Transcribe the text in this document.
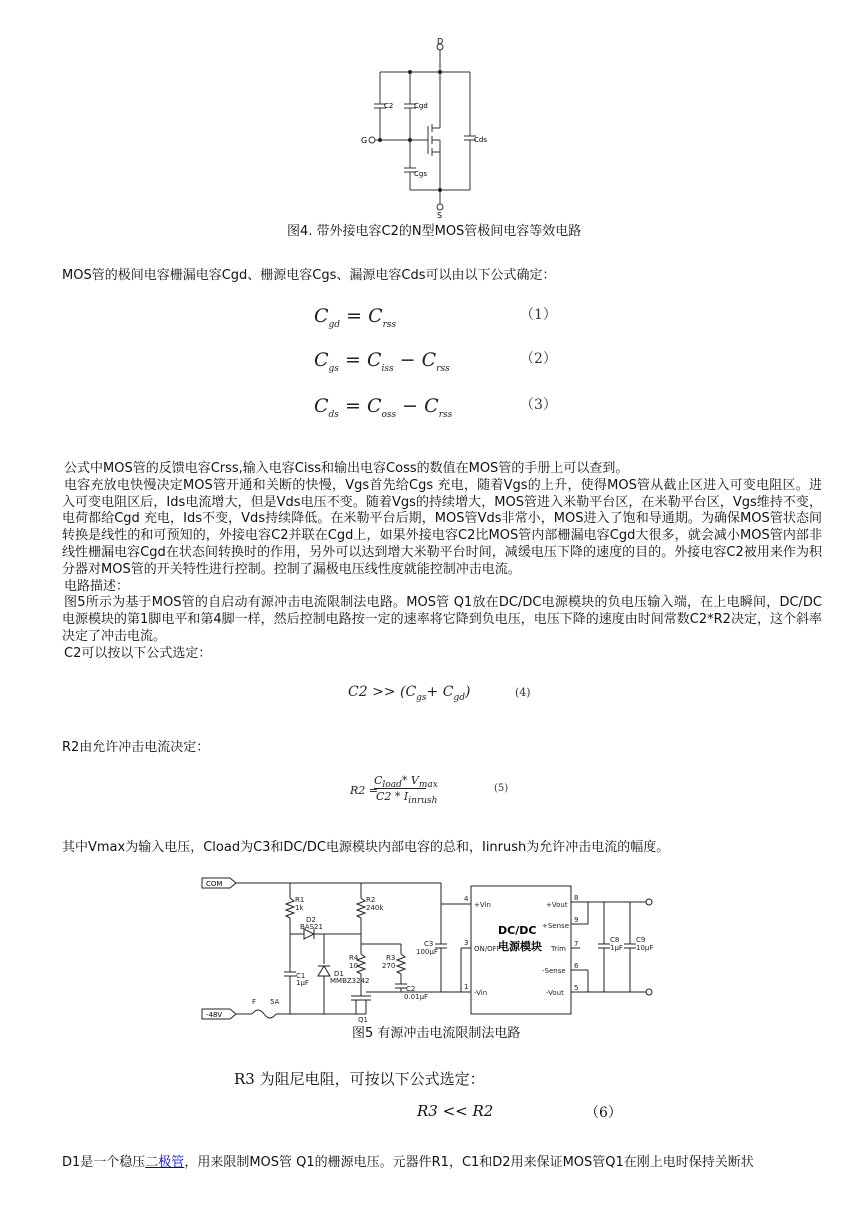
D
G
S
C2	Cgd
Cgs
Cds
图4. 带外接电容C2的N型MOS管极间电容等效电路
MOS管的极间电容栅漏电容Cgd、栅源电容Cgs、漏源电容Cds可以由以下公式确定：
$C_{gd} = C_{rss}$
（1）
$C_{gs} = C_{iss} - C_{rss}$
（2）
$C_{ds} = C_{oss} - C_{rss}$
（3）

公式中MOS管的反馈电容Crss,输入电容Ciss和输出电容Coss的数值在MOS管的手册上可以查到。

电容充放电快慢决定MOS管开通和关断的快慢，Vgs首先给Cgs 充电，随着Vgs的上升，使得MOS管从截止区进入可变电阻区。进入可变电阻区后，Ids电流增大，但是Vds电压不变。随着Vgs的持续增大，MOS管进入米勒平台区，在米勒平台区，Vgs维持不变，电荷都给Cgd 充电，Ids不变，Vds持续降低。在米勒平台后期，MOS管Vds非常小，MOS进入了饱和导通期。为确保MOS管状态间转换是线性的和可预知的，外接电容C2并联在Cgd上，如果外接电容C2比MOS管内部栅漏电容Cgd大很多，就会减小MOS管内部非线性栅漏电容Cgd在状态间转换时的作用，另外可以达到增大米勒平台时间，减缓电压下降的速度的目的。外接电容C2被用来作为积分器对MOS管的开关特性进行控制。控制了漏极电压线性度就能控制冲击电流。

电路描述：

图5所示为基于MOS管的自启动有源冲击电流限制法电路。MOS管 Q1放在DC/DC电源模块的负电压输入端，在上电瞬间，DC/DC电源模块的第1脚电平和第4脚一样，然后控制电路按一定的速率将它降到负电压，电压下降的速度由时间常数C2*R2决定，这个斜率决定了冲击电流。

C2可以按以下公式选定：

$C2 >> (C_{gs}+ C_{gd})$	(4)
R2由允许冲击电流决定：
R2 =
$C_{load}*$ $V_{max}$
$C2 * I_{inrush}$
(5)
其中Vmax为输入电压，Cload为C3和DC/DC电源模块内部电容的总和，Iinrush为允许冲击电流的幅度。
COM
-48V
R1
1k
D2
BAS21
R2
240k
R4
10
R3
270
C1
1μF
D1
MMBZ3242
C2
0.01μF
C3
100μF
Q1
F 5A
4
3
1
+Vin
ON/OFF
-Vin
+Vout
+Sense
Trim
-Sense
-Vout
8
9
7
6
5
C8
1μF
C9
10μF
DC/DC
电源模块
图5 有源冲击电流限制法电路
R3 为阻尼电阻，可按以下公式选定：
R3 << R2	（6）
D1是一个稳压二极管，用来限制MOS管 Q1的栅源电压。元器件R1，C1和D2用来保证MOS管Q1在刚上电时保持关断状
